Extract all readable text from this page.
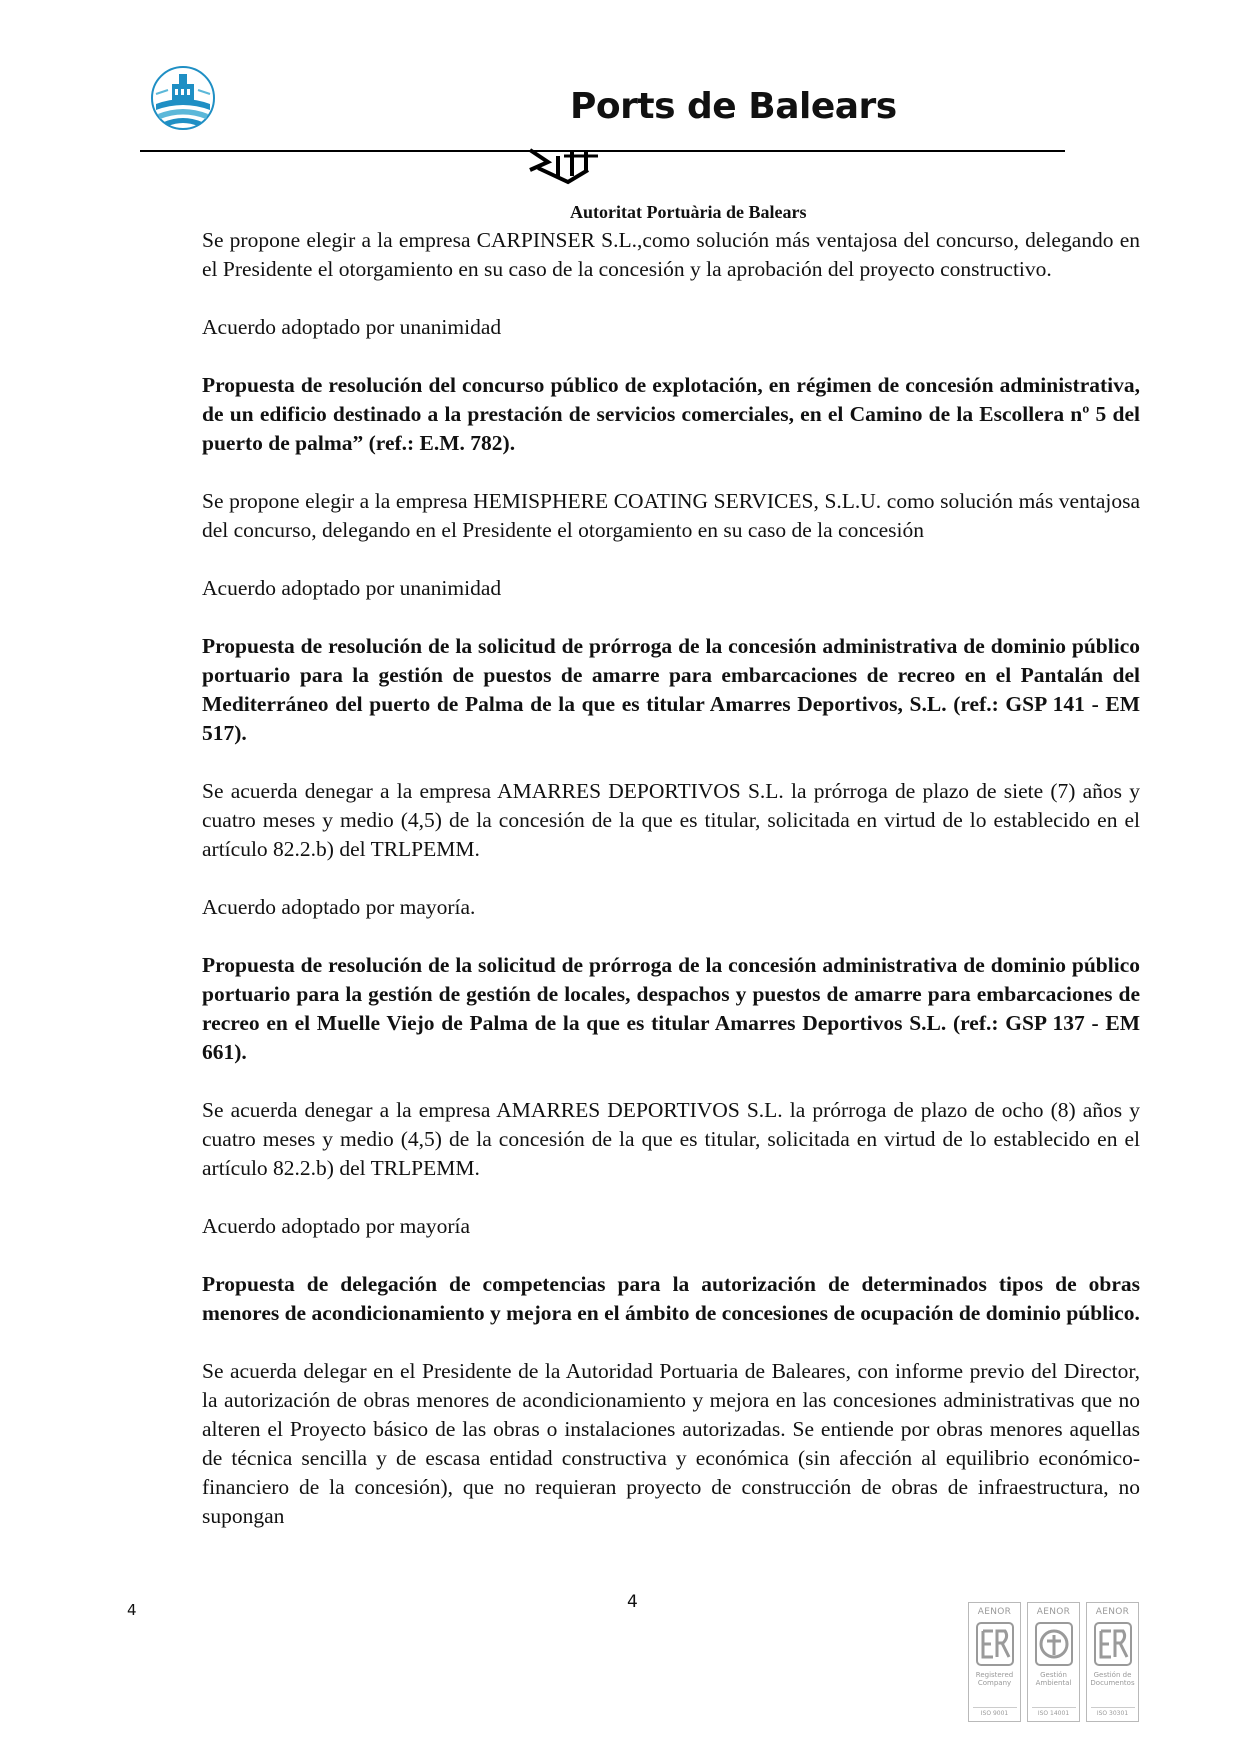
Ports de Balears
Autoritat Portuària de Balears

Se propone elegir a la empresa CARPINSER S.L.,como solución más ventajosa del concurso, delegando en el Presidente el otorgamiento en su caso de la concesión y la aprobación del proyecto constructivo.

Acuerdo adoptado por unanimidad

Propuesta de resolución del concurso público de explotación, en régimen de concesión administrativa, de un edificio destinado a la prestación de servicios comerciales, en el Camino de la Escollera nº 5 del puerto de palma” (ref.: E.M. 782).

Se propone elegir a la empresa HEMISPHERE COATING SERVICES, S.L.U. como solución más ventajosa del concurso, delegando en el Presidente el otorgamiento en su caso de la concesión

Acuerdo adoptado por unanimidad

Propuesta de resolución de la solicitud de prórroga de la concesión administrativa de dominio público portuario para la gestión de puestos de amarre para embarcaciones de recreo en el Pantalán del Mediterráneo del puerto de Palma de la que es titular Amarres Deportivos, S.L. (ref.: GSP 141 - EM 517).

Se acuerda denegar a la empresa AMARRES DEPORTIVOS S.L. la prórroga de plazo de siete (7) años y cuatro meses y medio (4,5) de la concesión de la que es titular, solicitada en virtud de lo establecido en el artículo 82.2.b) del TRLPEMM.

Acuerdo adoptado por mayoría.

Propuesta de resolución de la solicitud de prórroga de la concesión administrativa de dominio público portuario para la gestión de gestión de locales, despachos y puestos de amarre para embarcaciones de recreo en el Muelle Viejo de Palma de la que es titular Amarres Deportivos S.L. (ref.: GSP 137 - EM 661).

Se acuerda denegar a la empresa AMARRES DEPORTIVOS S.L. la prórroga de plazo de ocho (8) años y cuatro meses y medio (4,5) de la concesión de la que es titular, solicitada en virtud de lo establecido en el artículo 82.2.b) del TRLPEMM.

Acuerdo adoptado por mayoría

Propuesta de delegación de competencias para la autorización de determinados tipos de obras menores de acondicionamiento y mejora en el ámbito de concesiones de ocupación de dominio público.

Se acuerda delegar en el Presidente de la Autoridad Portuaria de Baleares, con informe previo del Director, la autorización de obras menores de acondicionamiento y mejora en las concesiones administrativas que no alteren el Proyecto básico de las obras o instalaciones autorizadas. Se entiende por obras menores aquellas de técnica sencilla y de escasa entidad constructiva y económica (sin afección al equilibrio económico-financiero de la concesión), que no requieran proyecto de construcción de obras de infraestructura, no supongan

4	4	AENOR
Registered Company
ISO 9001
AENOR
Gestión Ambiental
ISO 14001
AENOR
Gestión de Documentos
ISO 30301
